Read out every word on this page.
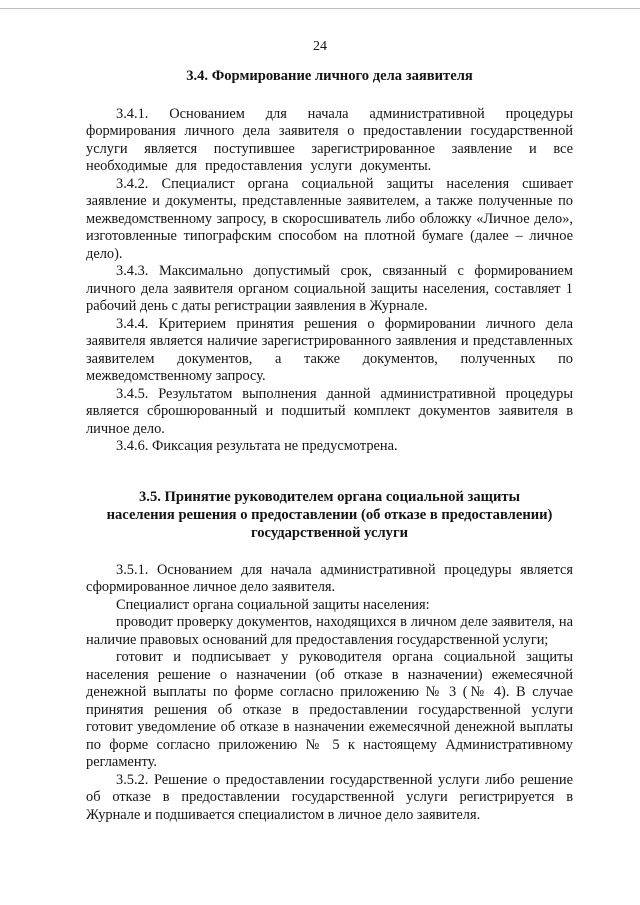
24
3.4. Формирование личного дела заявителя

3.4.1. Основанием для начала административной процедуры формирования личного дела заявителя о предоставлении государственной услуги является поступившее зарегистрированное заявление и все необходимые для предоставления услуги документы.

3.4.2. Специалист органа социальной защиты населения сшивает заявление и документы, представленные заявителем, а также полученные по межведомственному запросу, в скоросшиватель либо обложку «Личное дело», изготовленные типографским способом на плотной бумаге (далее – личное дело).

3.4.3. Максимально допустимый срок, связанный с формированием личного дела заявителя органом социальной защиты населения, составляет 1 рабочий день с даты регистрации заявления в Журнале.

3.4.4. Критерием принятия решения о формировании личного дела заявителя является наличие зарегистрированного заявления и представленных заявителем документов, а также документов, полученных по межведомственному запросу.

3.4.5. Результатом выполнения данной административной процедуры является сброшюрованный и подшитый комплект документов заявителя в личное дело.

3.4.6. Фиксация результата не предусмотрена.

3.5. Принятие руководителем органа социальной защиты
населения решения о предоставлении (об отказе в предоставлении)
государственной услуги

3.5.1. Основанием для начала административной процедуры является сформированное личное дело заявителя.

Специалист органа социальной защиты населения:

проводит проверку документов, находящихся в личном деле заявителя, на наличие правовых оснований для предоставления государственной услуги;

готовит и подписывает у руководителя органа социальной защиты населения решение о назначении (об отказе в назначении) ежемесячной денежной выплаты по форме согласно приложению № 3 (№ 4). В случае принятия решения об отказе в предоставлении государственной услуги готовит уведомление об отказе в назначении ежемесячной денежной выплаты по форме согласно приложению № 5 к настоящему Административному регламенту.

3.5.2. Решение о предоставлении государственной услуги либо решение об отказе в предоставлении государственной услуги регистрируется в Журнале и подшивается специалистом в личное дело заявителя.
